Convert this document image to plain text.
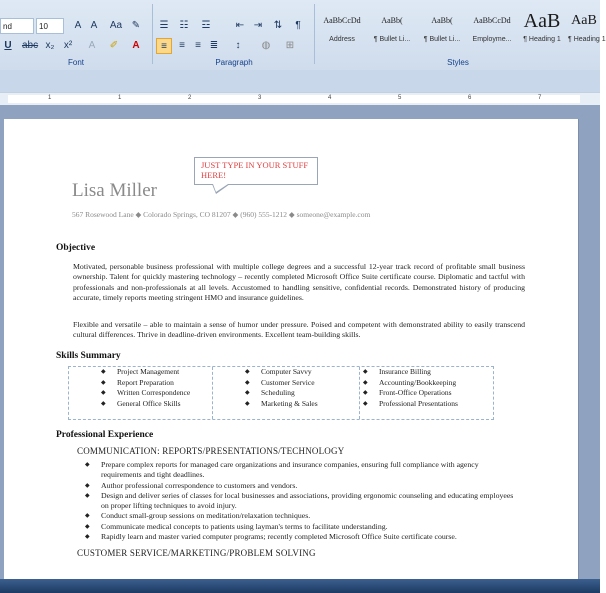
nd	10	A A	Aa ✎
U	abc x₂ x²	A	✐	A
Font
☰	☷	☲	⇤ ⇥	⇅	¶
≡	≡	≡ ≣	↕	◍	⊞
Paragraph
AaBbCcDd
Address
AaBb(
¶ Bullet Li...
AaBb(
¶ Bullet Li...
AaBbCcDd
Employme...
AaB
¶ Heading 1
AaB
¶ Heading 1
Styles
1	1	2	3	4	5	6	7
JUST TYPE IN YOUR STUFF HERE!
Lisa Miller
567 Rosewood Lane ◆ Colorado Springs, CO 81207 ◆ (960) 555-1212 ◆ someone@example.com
Objective
Motivated, personable business professional with multiple college degrees and a successful 12-year track record of profitable small business ownership. Talent for quickly mastering technology – recently completed Microsoft Office Suite certificate course. Diplomatic and tactful with professionals and non-professionals at all levels. Accustomed to handling sensitive, confidential records. Demonstrated history of producing accurate, timely reports meeting stringent HMO and insurance guidelines.
Flexible and versatile – able to maintain a sense of humor under pressure. Poised and competent with demonstrated ability to easily transcend cultural differences. Thrive in deadline-driven environments. Excellent team-building skills.
Skills Summary
◆ Project Management
◆ Report Preparation
◆ Written Correspondence
◆ General Office Skills
◆ Computer Savvy
◆ Customer Service
◆ Scheduling
◆ Marketing & Sales
◆ Insurance Billing
◆ Accounting/Bookkeeping
◆ Front-Office Operations
◆ Professional Presentations
Professional Experience
COMMUNICATION: REPORTS/PRESENTATIONS/TECHNOLOGY
◆ Prepare complex reports for managed care organizations and insurance companies, ensuring full compliance with agency requirements and tight deadlines.
◆ Author professional correspondence to customers and vendors.
◆ Design and deliver series of classes for local businesses and associations, providing ergonomic counseling and educating employees on proper lifting techniques to avoid injury.
◆ Conduct small-group sessions on meditation/relaxation techniques.
◆ Communicate medical concepts to patients using layman's terms to facilitate understanding.
◆ Rapidly learn and master varied computer programs; recently completed Microsoft Office Suite certificate course.
CUSTOMER SERVICE/MARKETING/PROBLEM SOLVING
